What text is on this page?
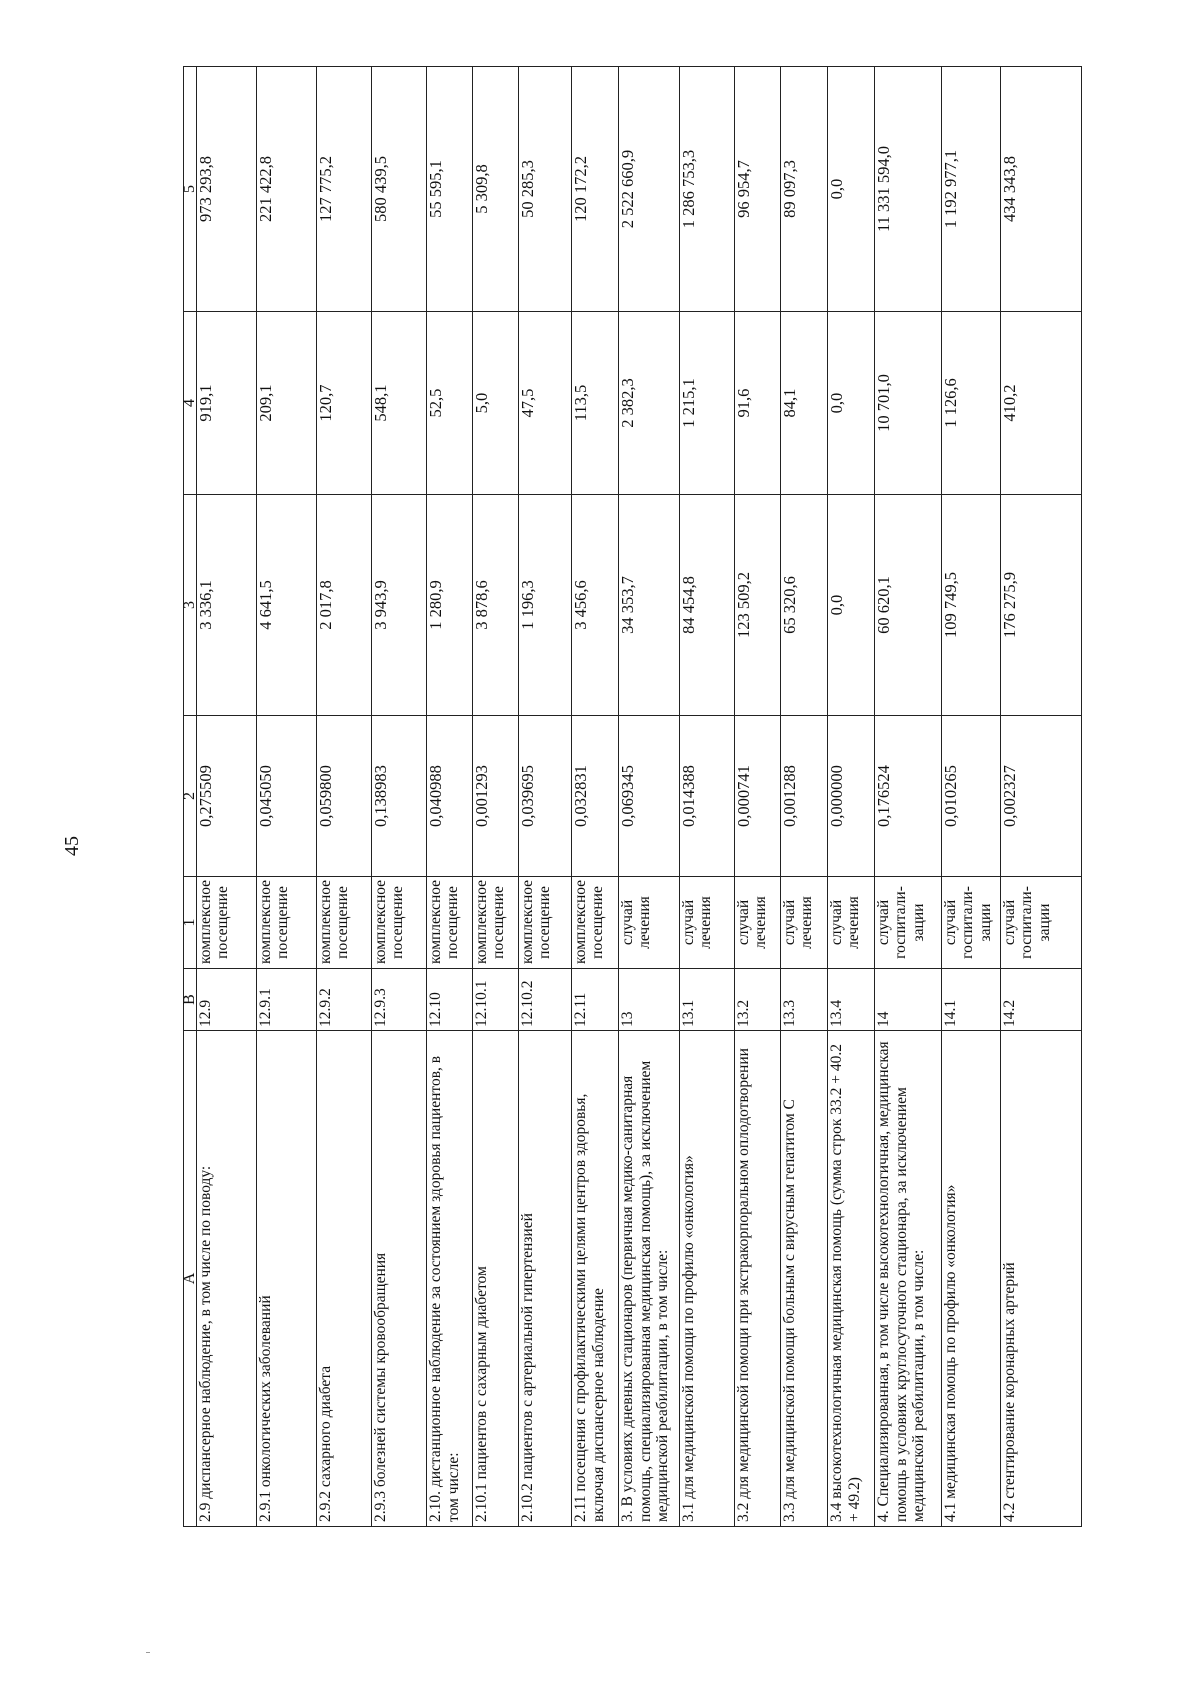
45
А	В	1	2	3	4	5
2.9 диспансерное наблюдение, в том числе по поводу:	12.9	комплексное посещение	0,275509	3 336,1	919,1	973 293,8
2.9.1 онкологических заболеваний	12.9.1	комплексное посещение	0,045050	4 641,5	209,1	221 422,8
2.9.2 сахарного диабета	12.9.2	комплексное посещение	0,059800	2 017,8	120,7	127 775,2
2.9.3 болезней системы кровообращения	12.9.3	комплексное посещение	0,138983	3 943,9	548,1	580 439,5
2.10. дистанционное наблюдение за состоянием здоровья пациентов, в том числе:	12.10	комплексное посещение	0,040988	1 280,9	52,5	55 595,1
2.10.1 пациентов с сахарным диабетом	12.10.1	комплексное посещение	0,001293	3 878,6	5,0	5 309,8
2.10.2 пациентов с артериальной гипертензией	12.10.2	комплексное посещение	0,039695	1 196,3	47,5	50 285,3
2.11 посещения с профилактическими целями центров здоровья, включая диспансерное наблюдение	12.11	комплексное посещение	0,032831	3 456,6	113,5	120 172,2
3. В условиях дневных стационаров (первичная медико-санитарная помощь, специализированная медицинская помощь), за исключением медицинской реабилитации, в том числе:	13	случай лечения	0,069345	34 353,7	2 382,3	2 522 660,9
3.1 для медицинской помощи по профилю «онкология»	13.1	случай лечения	0,014388	84 454,8	1 215,1	1 286 753,3
3.2 для медицинской помощи при экстракорпоральном оплодотворении	13.2	случай лечения	0,000741	123 509,2	91,6	96 954,7
3.3 для медицинской помощи больным с вирусным гепатитом С	13.3	случай лечения	0,001288	65 320,6	84,1	89 097,3
3.4 высокотехнологичная медицинская помощь (сумма строк 33.2 + 40.2 + 49.2)	13.4	случай лечения	0,000000	0,0	0,0	0,0
4. Специализированная, в том числе высокотехнологичная, медицинская помощь в условиях круглосуточного стационара, за исключением медицинской реабилитации, в том числе:	14	случай госпитали- зации	0,176524	60 620,1	10 701,0	11 331 594,0
4.1 медицинская помощь по профилю «онкология»	14.1	случай госпитали- зации	0,010265	109 749,5	1 126,6	1 192 977,1
4.2 стентирование коронарных артерий	14.2	случай госпитали- зации	0,002327	176 275,9	410,2	434 343,8
